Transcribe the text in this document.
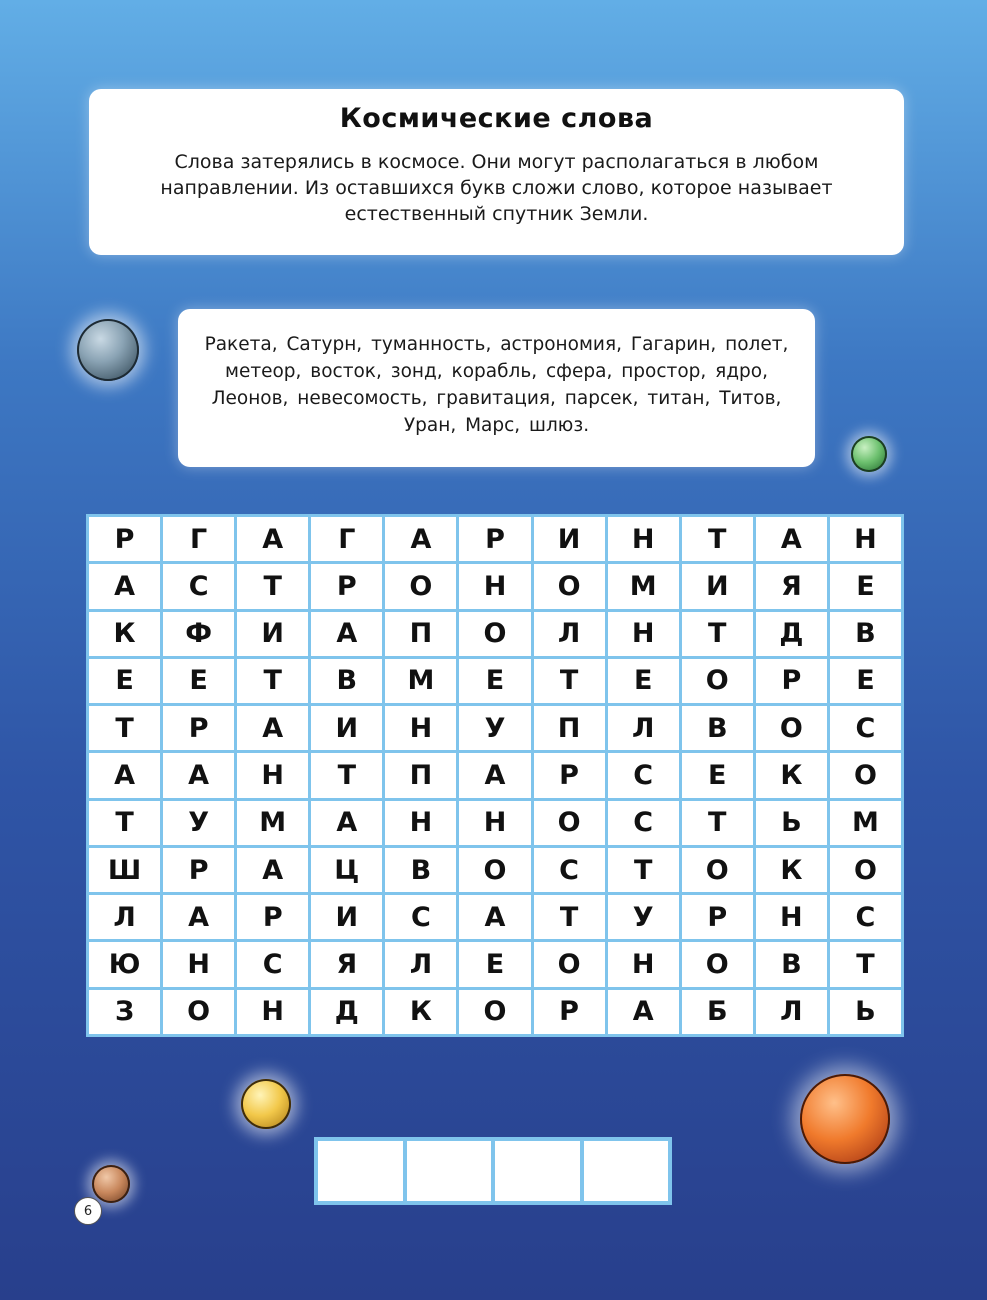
Космические слова
Слова затерялись в космосе. Они могут располагаться в любом направлении. Из оставшихся букв сложи слово, которое называет естественный спутник Земли.
Ракета, Сатурн, туманность, астрономия, Гагарин, полет, метеор, восток, зонд, корабль, сфера, простор, ядро, Леонов, невесомость, гравитация, парсек, титан, Титов, Уран, Марс, шлюз.
Р	Г	А	Г	А	Р	И	Н	Т	А	Н
А	С	Т	Р	О	Н	О	М	И	Я	Е
К	Ф	И	А	П	О	Л	Н	Т	Д	В
Е	Е	Т	В	М	Е	Т	Е	О	Р	Е
Т	Р	А	И	Н	У	П	Л	В	О	С
А	А	Н	Т	П	А	Р	С	Е	К	О
Т	У	М	А	Н	Н	О	С	Т	Ь	М
Ш	Р	А	Ц	В	О	С	Т	О	К	О
Л	А	Р	И	С	А	Т	У	Р	Н	С
Ю	Н	С	Я	Л	Е	О	Н	О	В	Т
З	О	Н	Д	К	О	Р	А	Б	Л	Ь
6
